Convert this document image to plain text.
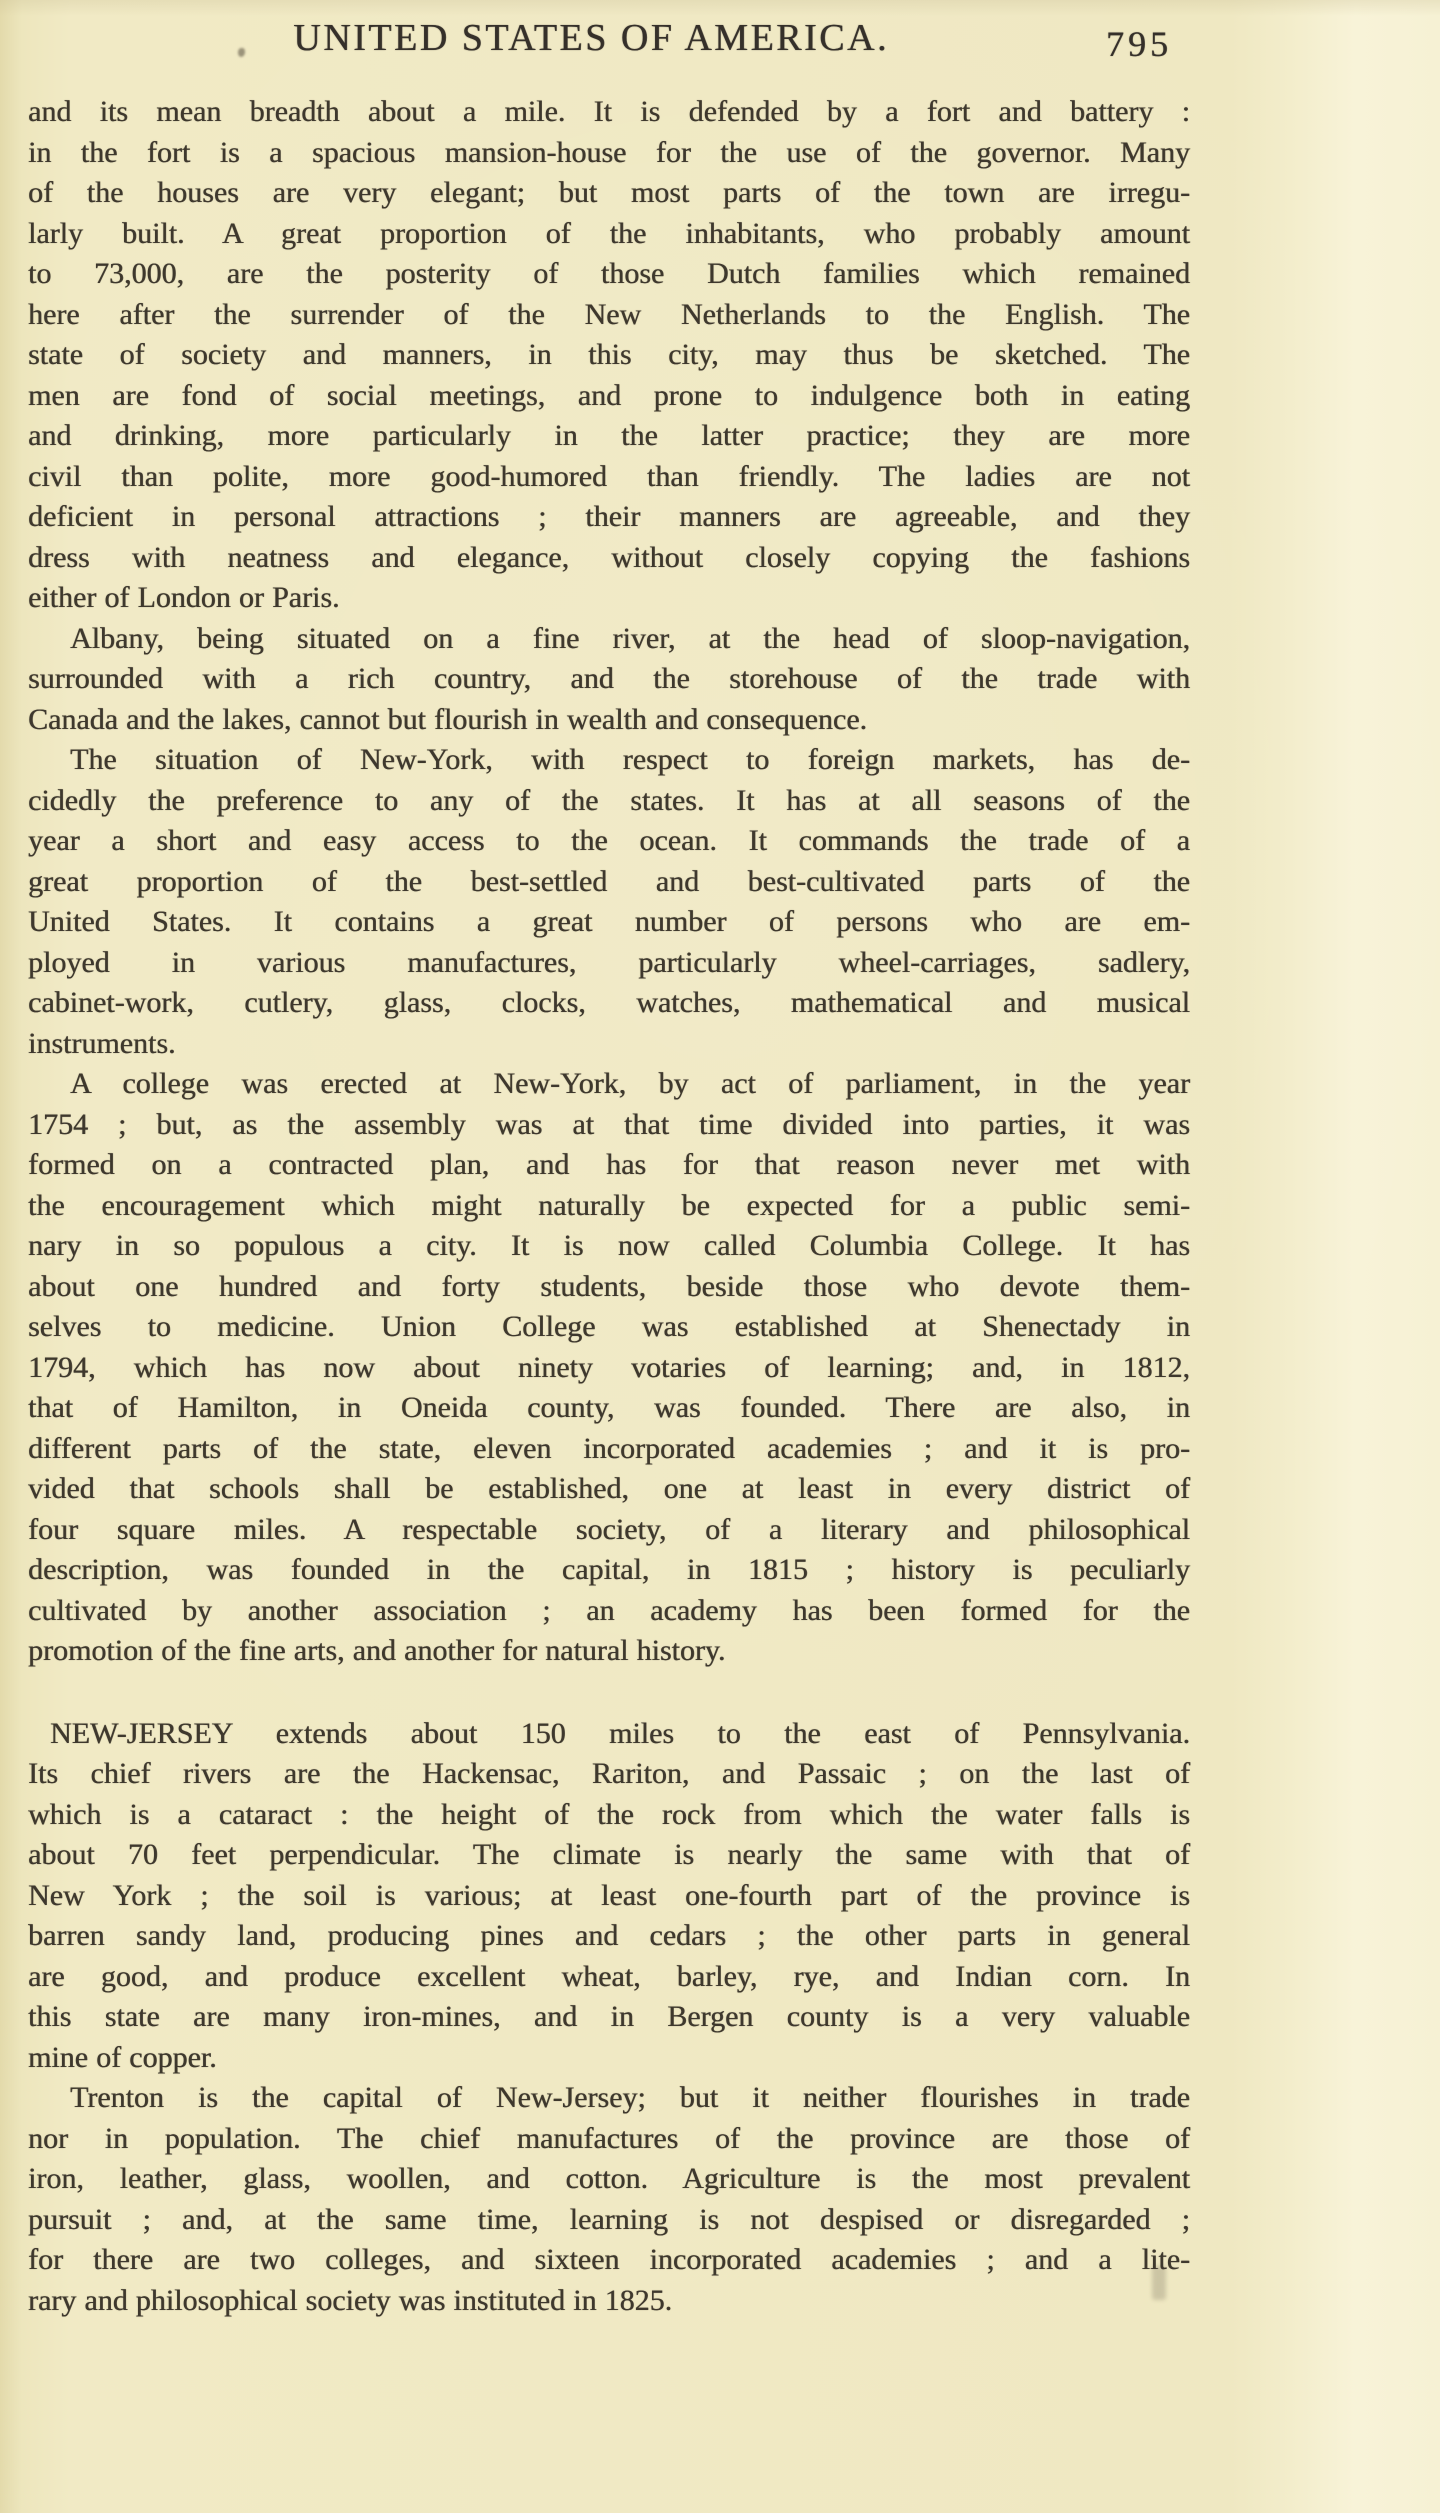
UNITED STATES OF AMERICA.	795
and its mean breadth about a mile. It is defended by a fort and battery :
in the fort is a spacious mansion-house for the use of the governor. Many
of the houses are very elegant; but most parts of the town are irregu-
larly built. A great proportion of the inhabitants, who probably amount
to 73,000, are the posterity of those Dutch families which remained
here after the surrender of the New Netherlands to the English. The
state of society and manners, in this city, may thus be sketched. The
men are fond of social meetings, and prone to indulgence both in eating
and drinking, more particularly in the latter practice; they are more
civil than polite, more good-humored than friendly. The ladies are not
deficient in personal attractions ; their manners are agreeable, and they
dress with neatness and elegance, without closely copying the fashions
either of London or Paris.
Albany, being situated on a fine river, at the head of sloop-navigation,
surrounded with a rich country, and the storehouse of the trade with
Canada and the lakes, cannot but flourish in wealth and consequence.
The situation of New-York, with respect to foreign markets, has de-
cidedly the preference to any of the states. It has at all seasons of the
year a short and easy access to the ocean. It commands the trade of a
great proportion of the best-settled and best-cultivated parts of the
United States. It contains a great number of persons who are em-
ployed in various manufactures, particularly wheel-carriages, sadlery,
cabinet-work, cutlery, glass, clocks, watches, mathematical and musical
instruments.
A college was erected at New-York, by act of parliament, in the year
1754 ; but, as the assembly was at that time divided into parties, it was
formed on a contracted plan, and has for that reason never met with
the encouragement which might naturally be expected for a public semi-
nary in so populous a city. It is now called Columbia College. It has
about one hundred and forty students, beside those who devote them-
selves to medicine. Union College was established at Shenectady in
1794, which has now about ninety votaries of learning; and, in 1812,
that of Hamilton, in Oneida county, was founded. There are also, in
different parts of the state, eleven incorporated academies ; and it is pro-
vided that schools shall be established, one at least in every district of
four square miles. A respectable society, of a literary and philosophical
description, was founded in the capital, in 1815 ; history is peculiarly
cultivated by another association ; an academy has been formed for the
promotion of the fine arts, and another for natural history.
NEW-JERSEY extends about 150 miles to the east of Pennsylvania.
Its chief rivers are the Hackensac, Rariton, and Passaic ; on the last of
which is a cataract : the height of the rock from which the water falls is
about 70 feet perpendicular. The climate is nearly the same with that of
New York ; the soil is various; at least one-fourth part of the province is
barren sandy land, producing pines and cedars ; the other parts in general
are good, and produce excellent wheat, barley, rye, and Indian corn. In
this state are many iron-mines, and in Bergen county is a very valuable
mine of copper.
Trenton is the capital of New-Jersey; but it neither flourishes in trade
nor in population. The chief manufactures of the province are those of
iron, leather, glass, woollen, and cotton. Agriculture is the most prevalent
pursuit ; and, at the same time, learning is not despised or disregarded ;
for there are two colleges, and sixteen incorporated academies ; and a lite-
rary and philosophical society was instituted in 1825.
